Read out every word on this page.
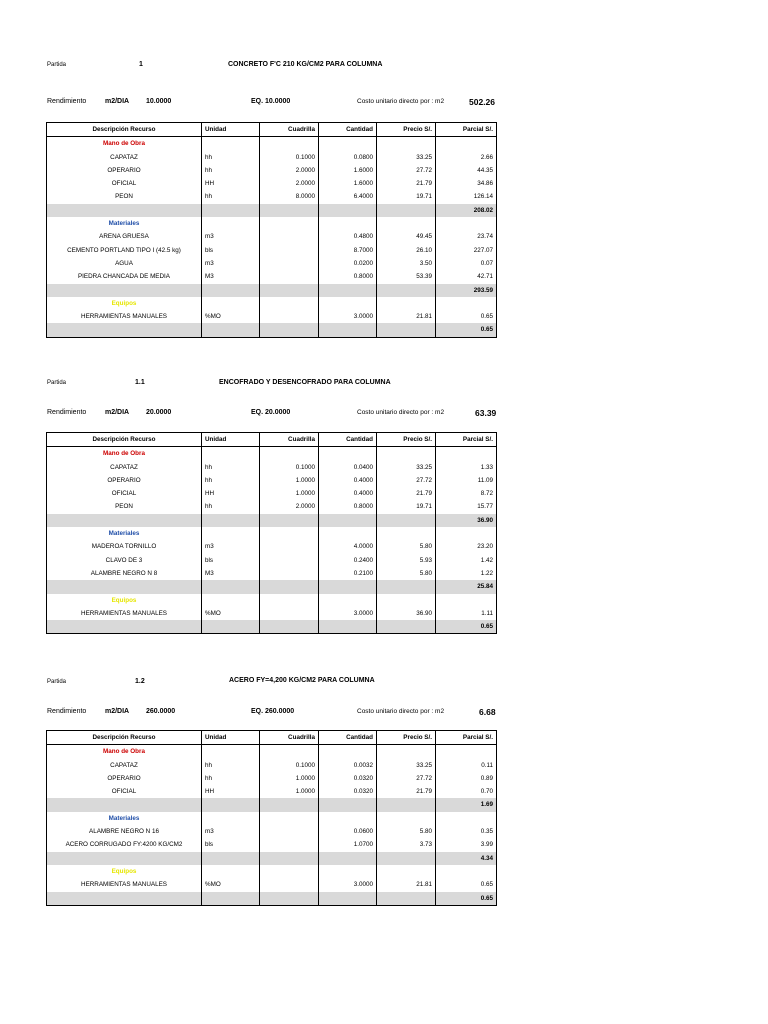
Partida	1	CONCRETO F'C 210 KG/CM2 PARA COLUMNA
Rendimiento	m2/DIA 10.0000	EQ. 10.0000	Costo unitario directo por : m2	502.26
Descripción Recurso	Unidad	Cuadrilla	Cantidad	Precio S/.	Parcial S/.
Mano de Obra					
CAPATAZ	hh	0.1000	0.0800	33.25	2.66
OPERARIO	hh	2.0000	1.6000	27.72	44.35
OFICIAL	HH	2.0000	1.6000	21.79	34.86
PEON	hh	8.0000	6.4000	19.71	126.14
					208.02
Materiales					
ARENA GRUESA	m3		0.4800	49.45	23.74
CEMENTO PORTLAND TIPO I (42.5 kg)	bls		8.7000	26.10	227.07
AGUA	m3		0.0200	3.50	0.07
PIEDRA CHANCADA DE MEDIA	M3		0.8000	53.39	42.71
					293.59
Equipos					
HERRAMIENTAS MANUALES	%MO		3.0000	21.81	0.65
					0.65
Partida	1.1	ENCOFRADO Y DESENCOFRADO PARA COLUMNA
Rendimiento	m2/DIA 20.0000	EQ. 20.0000	Costo unitario directo por : m2	63.39
Descripción Recurso	Unidad	Cuadrilla	Cantidad	Precio S/.	Parcial S/.
Mano de Obra					
CAPATAZ	hh	0.1000	0.0400	33.25	1.33
OPERARIO	hh	1.0000	0.4000	27.72	11.09
OFICIAL	HH	1.0000	0.4000	21.79	8.72
PEON	hh	2.0000	0.8000	19.71	15.77
					36.90
Materiales					
MADEROA TORNILLO	m3		4.0000	5.80	23.20
CLAVO DE 3	bls		0.2400	5.93	1.42
ALAMBRE NEGRO N 8	M3		0.2100	5.80	1.22
					25.84
Equipos					
HERRAMIENTAS MANUALES	%MO		3.0000	36.90	1.11
					0.65
Partida	1.2	ACERO FY=4,200 KG/CM2 PARA COLUMNA
Rendimiento	m2/DIA 260.0000	EQ. 260.0000	Costo unitario directo por : m2	6.68
Descripción Recurso	Unidad	Cuadrilla	Cantidad	Precio S/.	Parcial S/.
Mano de Obra					
CAPATAZ	hh	0.1000	0.0032	33.25	0.11
OPERARIO	hh	1.0000	0.0320	27.72	0.89
OFICIAL	HH	1.0000	0.0320	21.79	0.70
					1.69
Materiales					
ALAMBRE NEGRO N 16	m3		0.0600	5.80	0.35
ACERO CORRUGADO FY:4200 KG/CM2	bls		1.0700	3.73	3.99
					4.34
Equipos					
HERRAMIENTAS MANUALES	%MO		3.0000	21.81	0.65
					0.65
